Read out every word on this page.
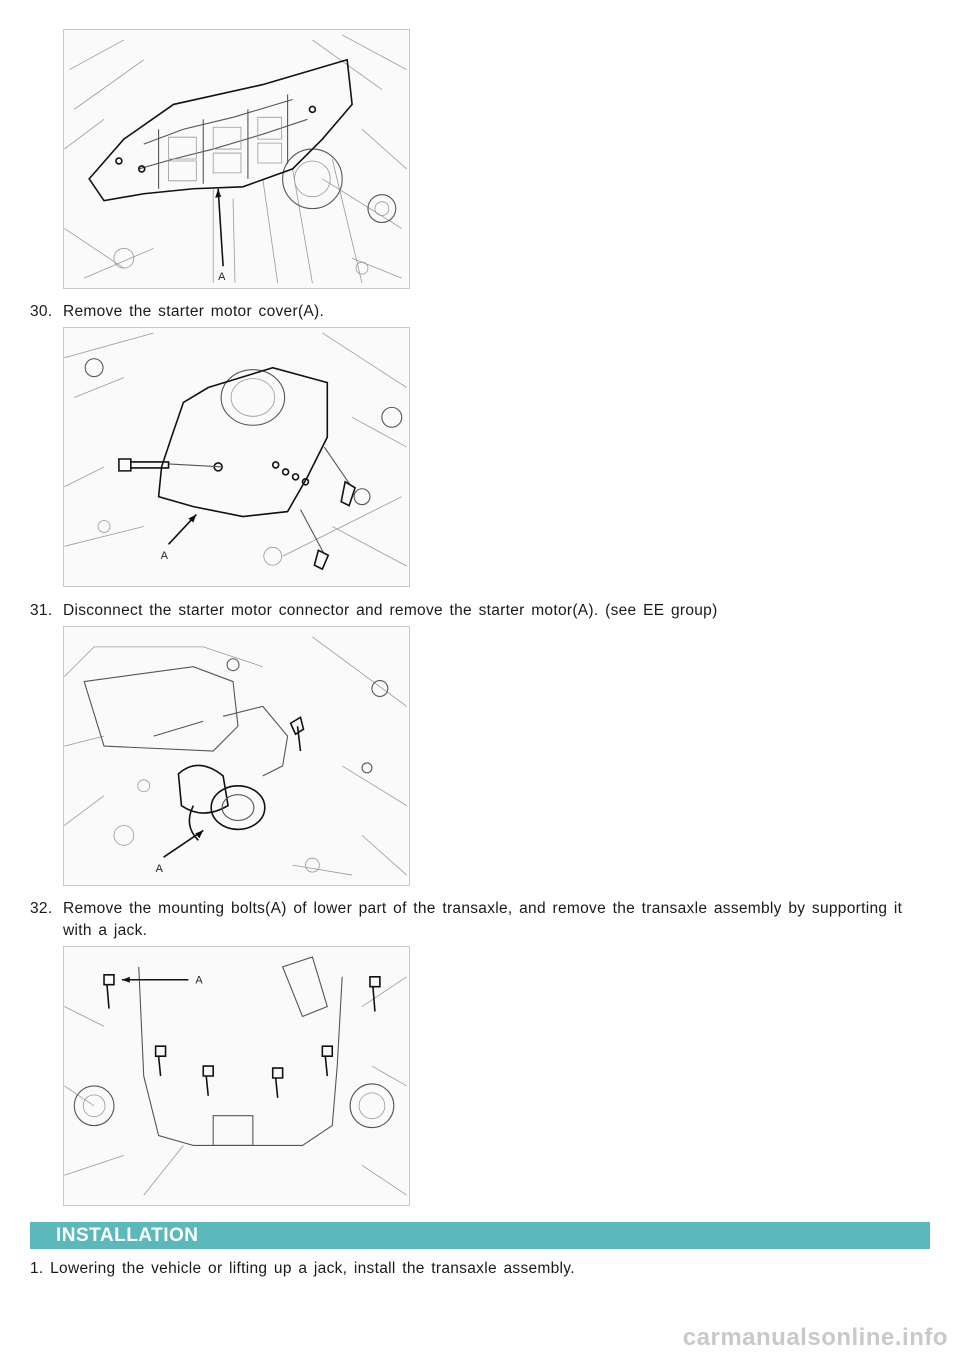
A
30. Remove the starter motor cover(A).
A
31. Disconnect the starter motor connector and remove the starter motor(A). (see EE group)
A
32. Remove the mounting bolts(A) of lower part of the transaxle, and remove the transaxle assembly by supporting it with a jack.
A
INSTALLATION
1. Lowering the vehicle or lifting up a jack, install the transaxle assembly.
carmanualsonline.info
